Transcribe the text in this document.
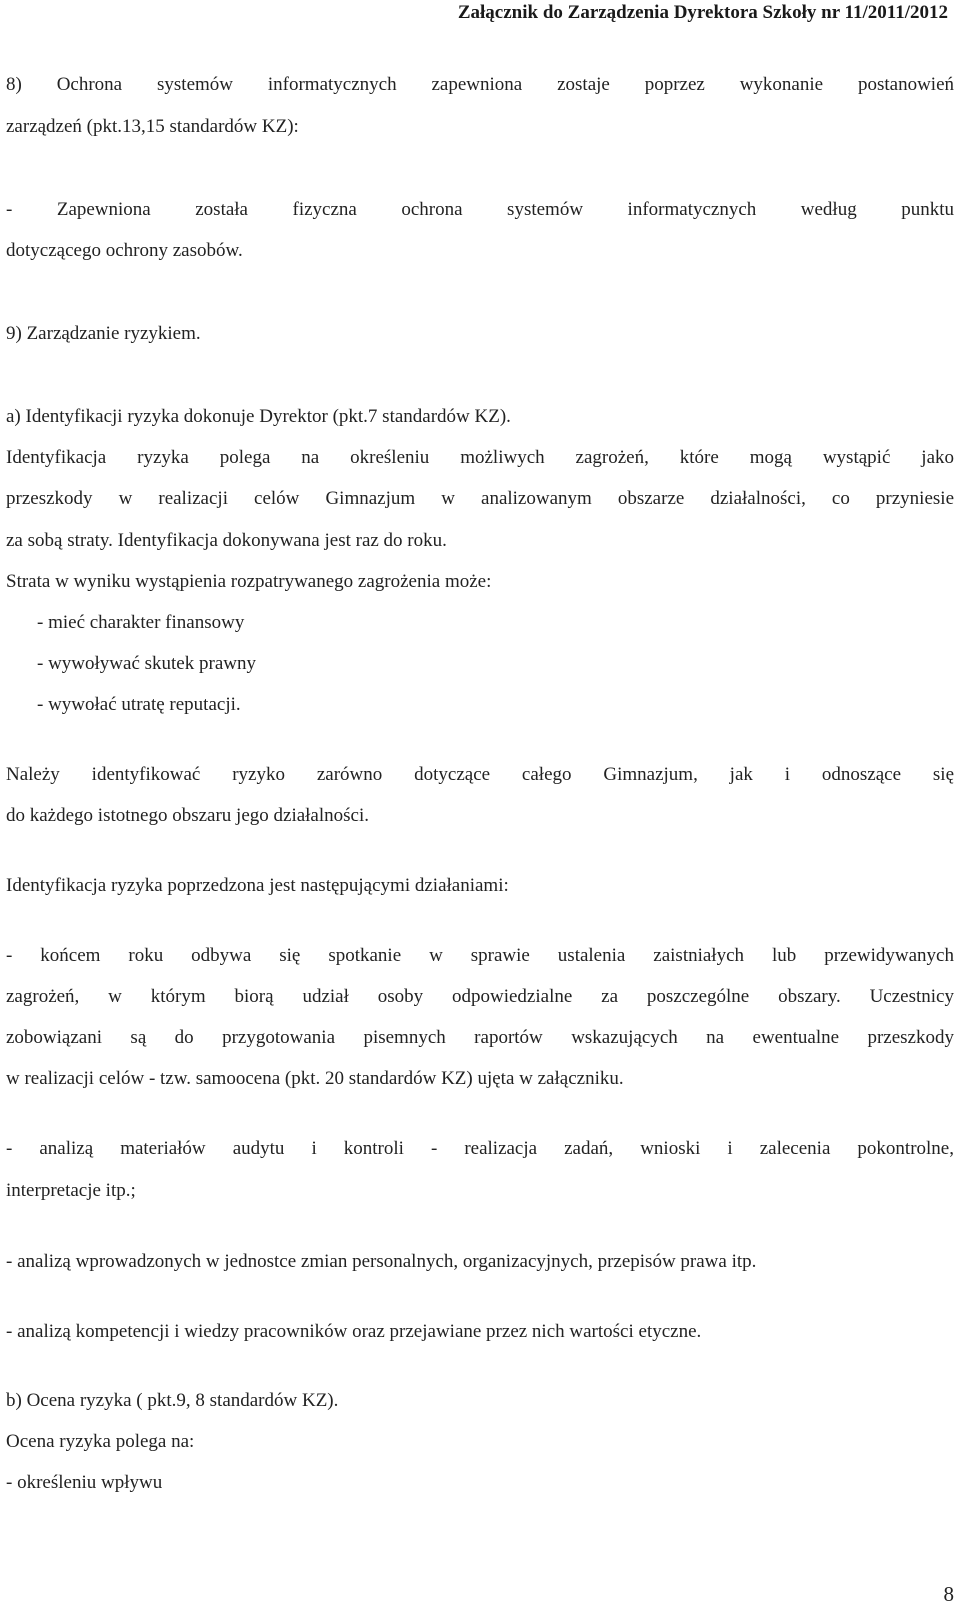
Załącznik do Zarządzenia Dyrektora Szkoły nr 11/2011/2012
8) Ochrona systemów informatycznych zapewniona zostaje poprzez wykonanie postanowień
zarządzeń (pkt.13,15 standardów KZ):
- Zapewniona została fizyczna ochrona systemów informatycznych według punktu
dotyczącego ochrony zasobów.
9) Zarządzanie ryzykiem.
a) Identyfikacji ryzyka dokonuje Dyrektor (pkt.7 standardów KZ).
Identyfikacja ryzyka polega na określeniu możliwych zagrożeń, które mogą wystąpić jako
przeszkody w realizacji celów Gimnazjum w analizowanym obszarze działalności, co przyniesie
za sobą straty. Identyfikacja dokonywana jest raz do roku.
Strata w wyniku wystąpienia rozpatrywanego zagrożenia może:
- mieć charakter finansowy
- wywoływać skutek prawny
- wywołać utratę reputacji.
Należy identyfikować ryzyko zarówno dotyczące całego Gimnazjum, jak i odnoszące się
do każdego istotnego obszaru jego działalności.
Identyfikacja ryzyka poprzedzona jest następującymi działaniami:
- końcem roku odbywa się spotkanie w sprawie ustalenia zaistniałych lub przewidywanych
zagrożeń, w którym biorą udział osoby odpowiedzialne za poszczególne obszary. Uczestnicy
zobowiązani są do przygotowania pisemnych raportów wskazujących na ewentualne przeszkody
w realizacji celów - tzw. samoocena (pkt. 20 standardów KZ) ujęta w załączniku.
- analizą materiałów audytu i kontroli - realizacja zadań, wnioski i zalecenia pokontrolne,
interpretacje itp.;
- analizą wprowadzonych w jednostce zmian personalnych, organizacyjnych, przepisów prawa itp.
- analizą kompetencji i wiedzy pracowników oraz przejawiane przez nich wartości etyczne.
b) Ocena ryzyka ( pkt.9, 8 standardów KZ).
Ocena ryzyka polega na:
- określeniu wpływu
8
